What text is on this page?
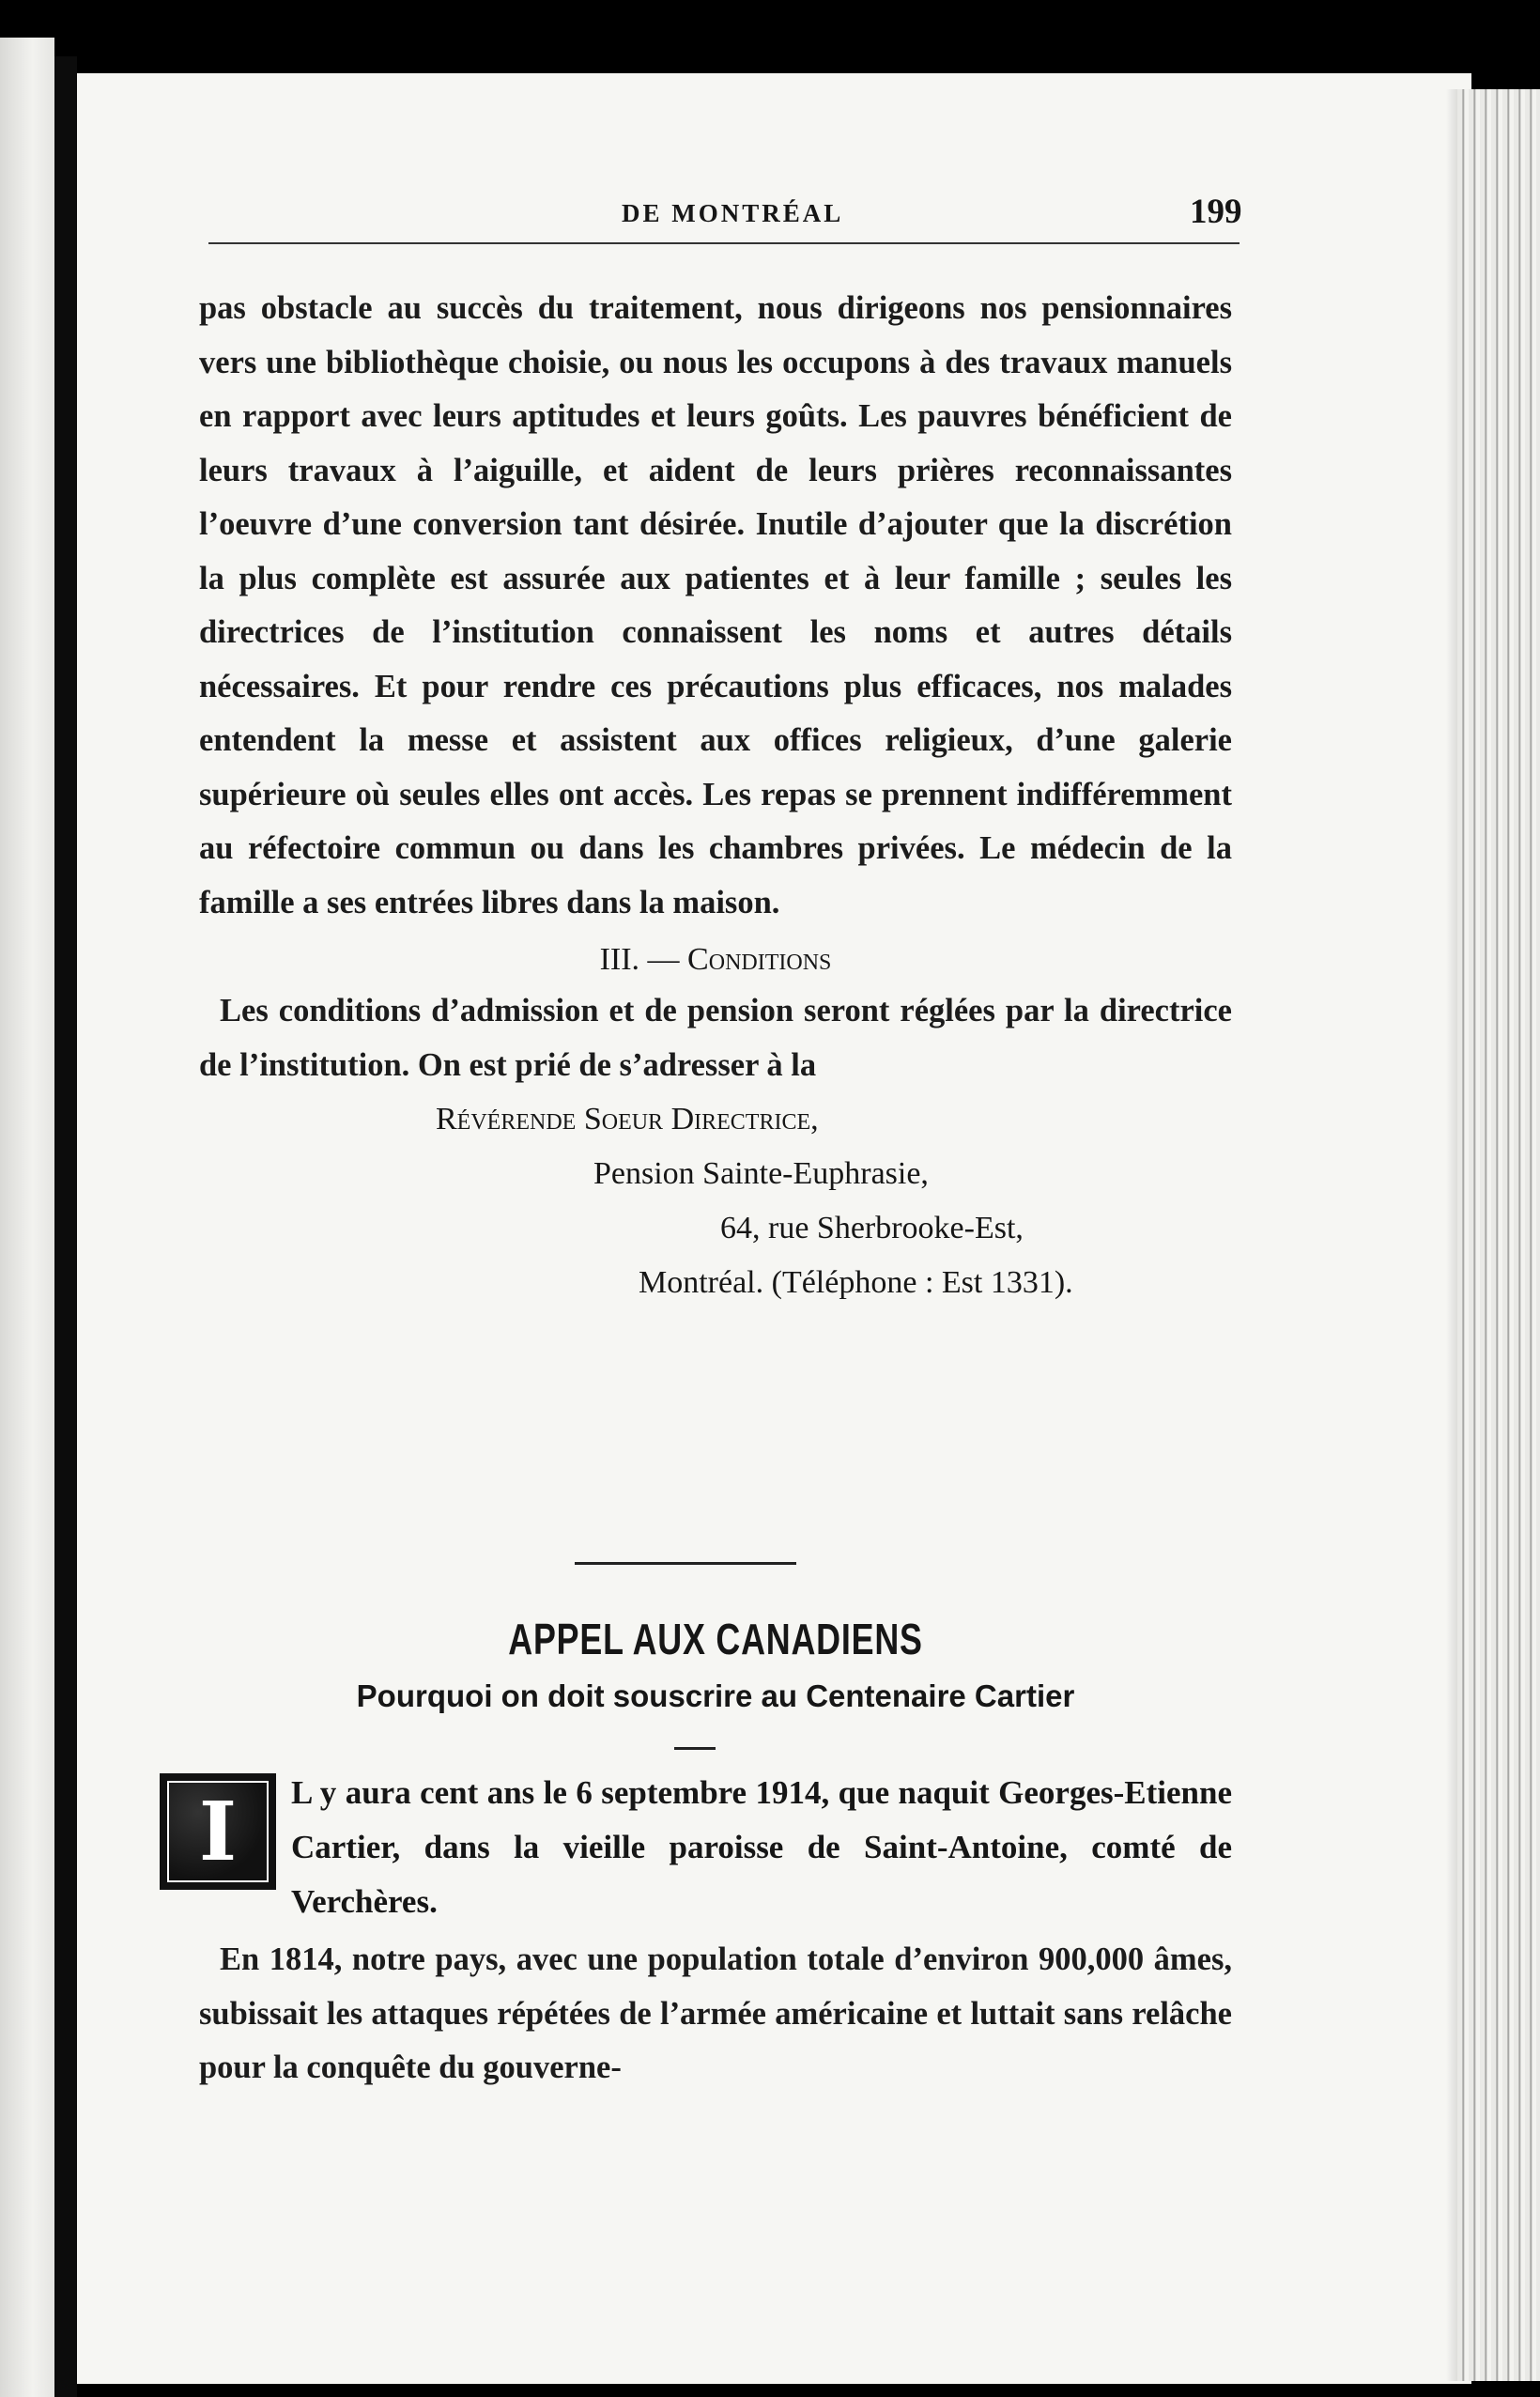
DE MONTRÉAL	199

pas obstacle au succès du traitement, nous dirigeons nos pensionnaires vers une bibliothèque choisie, ou nous les occupons à des travaux manuels en rapport avec leurs aptitudes et leurs goûts. Les pauvres bénéficient de leurs travaux à l’aiguille, et aident de leurs prières reconnaissantes l’oeuvre d’une conversion tant désirée. Inutile d’ajouter que la discrétion la plus complète est assurée aux patientes et à leur famille ; seules les directrices de l’institution connaissent les noms et autres détails nécessaires. Et pour rendre ces précautions plus efficaces, nos malades entendent la messe et assistent aux offices religieux, d’une galerie supérieure où seules elles ont accès. Les repas se prennent indifféremment au réfectoire commun ou dans les chambres privées. Le médecin de la famille a ses entrées libres dans la maison.

III. — Conditions

Les conditions d’admission et de pension seront réglées par la directrice de l’institution. On est prié de s’adresser à la

Révérende Soeur Directrice,
Pension Sainte-Euphrasie,
64, rue Sherbrooke-Est,
Montréal. (Téléphone : Est 1331).
APPEL AUX CANADIENS
Pourquoi on doit souscrire au Centenaire Cartier
I	L y aura cent ans le 6 septembre 1914, que naquit Georges-Etienne Cartier, dans la vieille paroisse de Saint-Antoine, comté de Verchères.

En 1814, notre pays, avec une population totale d’environ 900,000 âmes, subissait les attaques répétées de l’armée américaine et luttait sans relâche pour la conquête du gouverne-
